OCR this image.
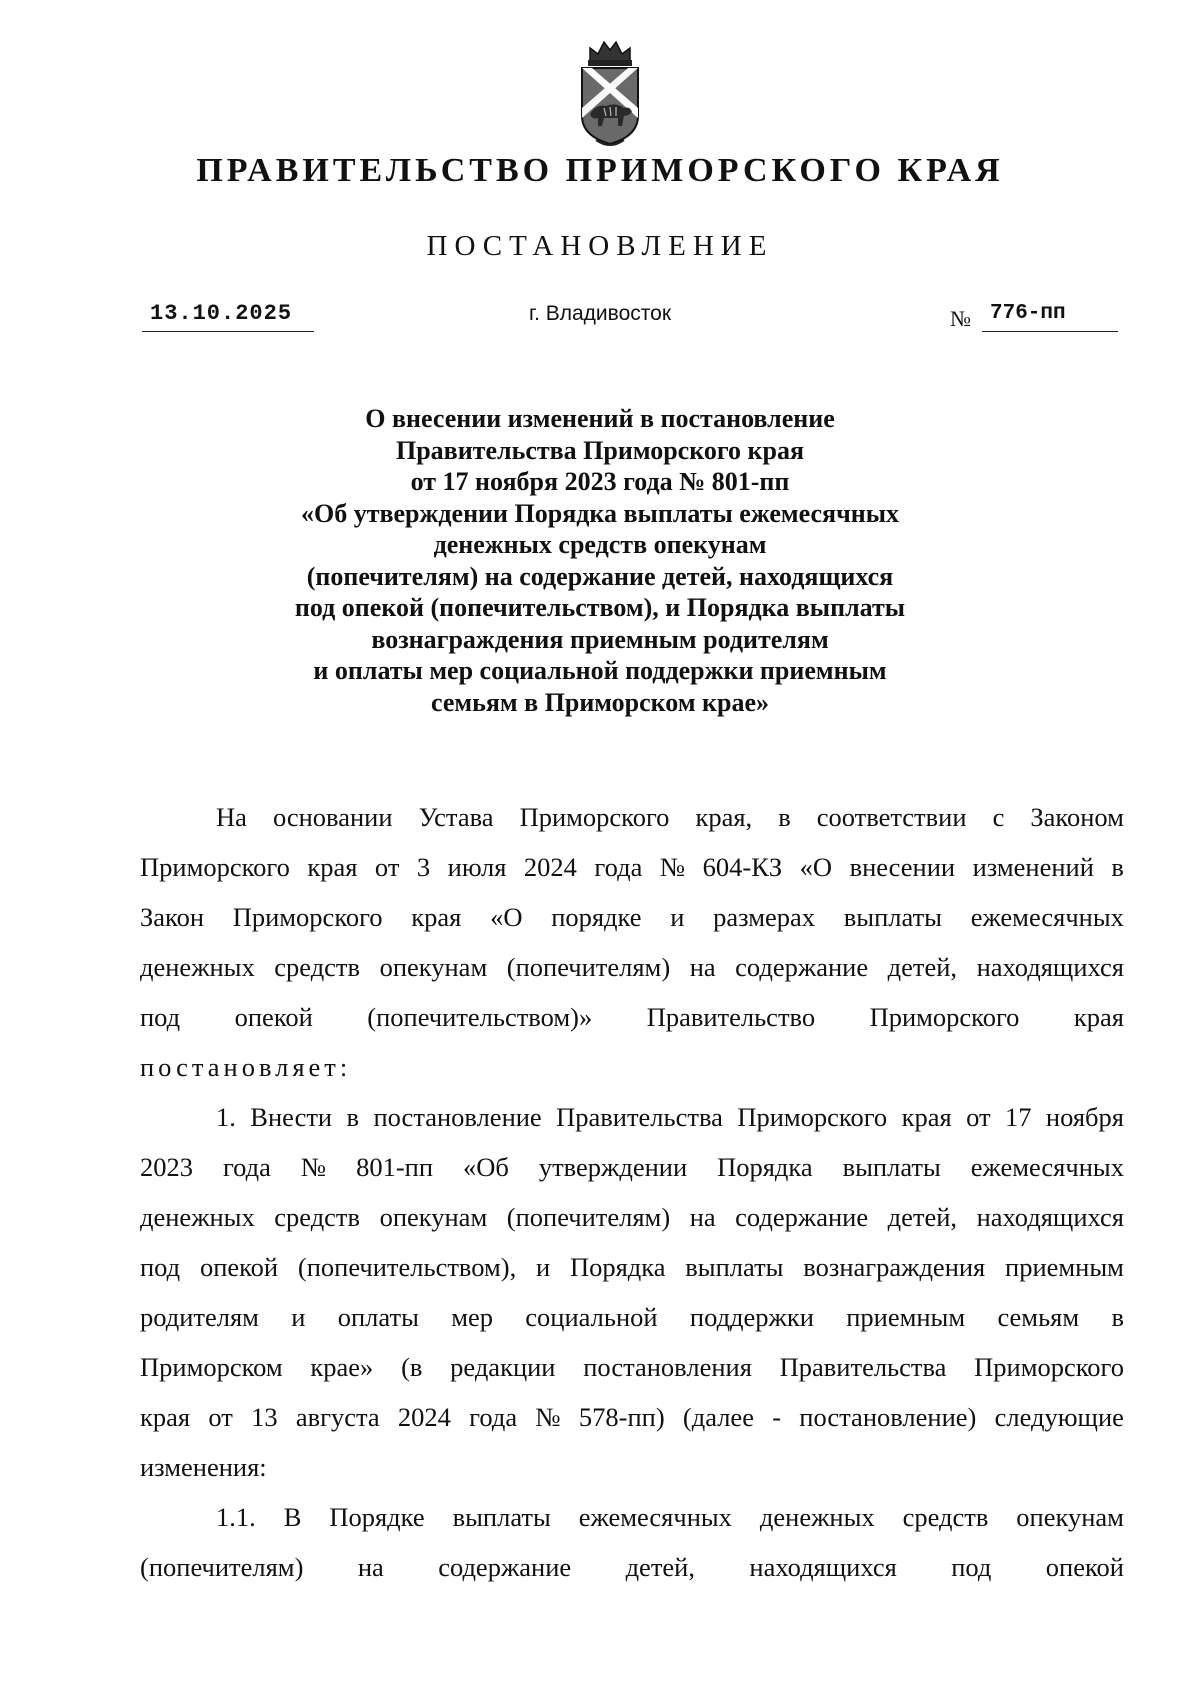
ПРАВИТЕЛЬСТВО ПРИМОРСКОГО КРАЯ
ПОСТАНОВЛЕНИЕ
13.10.2025	г. Владивосток	№ 776-пп
О внесении изменений в постановление
Правительства Приморского края
от 17 ноября 2023 года № 801-пп
«Об утверждении Порядка выплаты ежемесячных
денежных средств опекунам
(попечителям) на содержание детей, находящихся
под опекой (попечительством), и Порядка выплаты
вознаграждения приемным родителям
и оплаты мер социальной поддержки приемным
семьям в Приморском крае»
На основании Устава Приморского края, в соответствии с Законом
Приморского края от 3 июля 2024 года № 604-КЗ «О внесении изменений в
Закон Приморского края «О порядке и размерах выплаты ежемесячных
денежных средств опекунам (попечителям) на содержание детей, находящихся
под опекой (попечительством)» Правительство Приморского края
постановляет:
1. Внести в постановление Правительства Приморского края от 17 ноября
2023 года № 801-пп «Об утверждении Порядка выплаты ежемесячных
денежных средств опекунам (попечителям) на содержание детей, находящихся
под опекой (попечительством), и Порядка выплаты вознаграждения приемным
родителям и оплаты мер социальной поддержки приемным семьям в
Приморском крае» (в редакции постановления Правительства Приморского
края от 13 августа 2024 года № 578-пп) (далее - постановление) следующие
изменения:
1.1. В Порядке выплаты ежемесячных денежных средств опекунам
(попечителям) на содержание детей, находящихся под опекой
